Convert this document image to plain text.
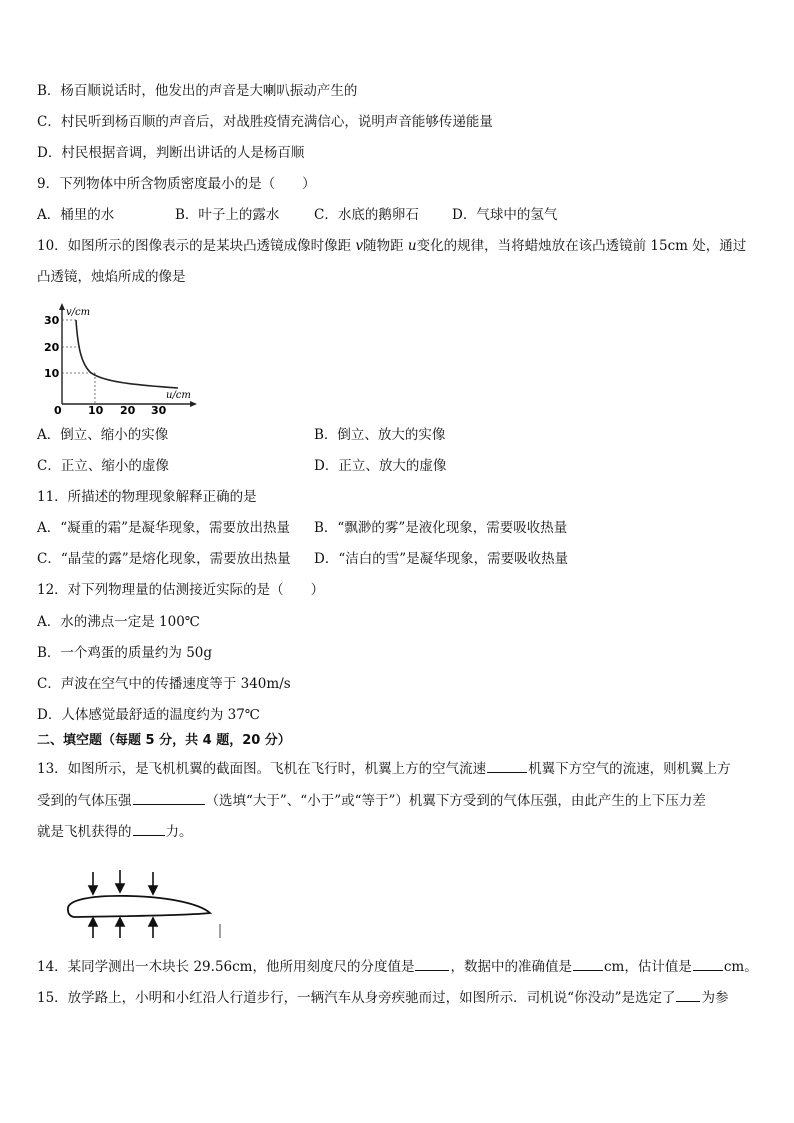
B．杨百顺说话时，他发出的声音是大喇叭振动产生的
C．村民听到杨百顺的声音后，对战胜疫情充满信心，说明声音能够传递能量
D．村民根据音调，判断出讲话的人是杨百顺
9．下列物体中所含物质密度最小的是（　　）
A．桶里的水	B．叶子上的露水	C．水底的鹅卵石 D．气球中的氢气
10．如图所示的图像表示的是某块凸透镜成像时像距 v随物距 u变化的规律，当将蜡烛放在该凸透镜前 15cm 处，通过
凸透镜，烛焰所成的像是
v/cm
u/cm
30
20
10
0 10 20 30
A．倒立、缩小的实像	B．倒立、放大的实像
C．正立、缩小的虚像	D．正立、放大的虚像
11．所描述的物理现象解释正确的是
A．“凝重的霜”是凝华现象，需要放出热量 B．“飘渺的雾”是液化现象，需要吸收热量
C．“晶莹的露”是熔化现象，需要放出热量 D．“洁白的雪”是凝华现象，需要吸收热量
12．对下列物理量的估测接近实际的是（　　）
A．水的沸点一定是 100℃
B．一个鸡蛋的质量约为 50g
C．声波在空气中的传播速度等于 340m/s
D．人体感觉最舒适的温度约为 37℃
二、填空题（每题 5 分，共 4 题，20 分）
13．如图所示，是飞机机翼的截面图。飞机在飞行时，机翼上方的空气流速	机翼下方空气的流速，则机翼上方
受到的气体压强	（选填“大于”、“小于”或“等于”）机翼下方受到的气体压强，由此产生的上下压力差
就是飞机获得的	力。
14．某同学测出一木块长 29.56cm，他所用刻度尺的分度值是	，数据中的准确值是 cm，估计值是 cm。
15．放学路上，小明和小红沿人行道步行，一辆汽车从身旁疾驰而过，如图所示．司机说“你没动”是选定了 为参
